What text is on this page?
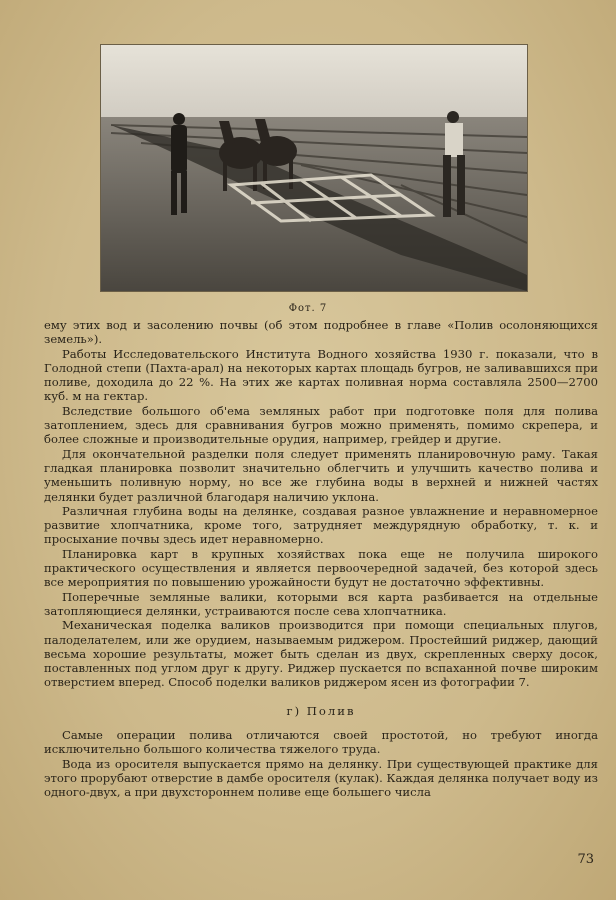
Фот. 7

ему этих вод и засолению почвы (об этом подробнее в главе «Полив осолоняющихся земель»).

Работы Исследовательского Института Водного хозяйства 1930 г. показали, что в Голодной степи (Пахта-арал) на некоторых картах площадь бугров, не заливавшихся при поливе, доходила до 22 %. На этих же картах поливная норма составляла 2500—2700 куб. м на гектар.

Вследствие большого об'ема земляных работ при подготовке поля для полива затоплением, здесь для сравнивания бугров можно применять, помимо скрепера, и более сложные и производительные орудия, например, грейдер и другие.

Для окончательной разделки поля следует применять планировочную раму. Такая гладкая планировка позволит значительно облегчить и улучшить качество полива и уменьшить поливную норму, но все же глубина воды в верхней и нижней частях делянки будет различной благодаря наличию уклона.

Различная глубина воды на делянке, создавая разное увлажнение и неравномерное развитие хлопчатника, кроме того, затрудняет междурядную обработку, т. к. и просыхание почвы здесь идет неравномерно.

Планировка карт в крупных хозяйствах пока еще не получила широкого практического осуществления и является первоочередной задачей, без которой здесь все мероприятия по повышению урожайности будут не достаточно эффективны.

Поперечные земляные валики, которыми вся карта разбивается на отдельные затопляющиеся делянки, устраиваются после сева хлопчатника.

Механическая поделка валиков производится при помощи специальных плугов, палоделателем, или же орудием, называемым риджером. Простейший риджер, дающий весьма хорошие результаты, может быть сделан из двух, скрепленных сверху досок, поставленных под углом друг к другу. Риджер пускается по вспаханной почве широким отверстием вперед. Способ поделки валиков риджером ясен из фотографии 7.

г) Полив

Самые операции полива отличаются своей простотой, но требуют иногда исключительно большого количества тяжелого труда.

Вода из оросителя выпускается прямо на делянку. При существующей практике для этого прорубают отверстие в дамбе оросителя (кулак). Каждая делянка получает воду из одного-двух, а при двухстороннем поливе еще большего числа

73
